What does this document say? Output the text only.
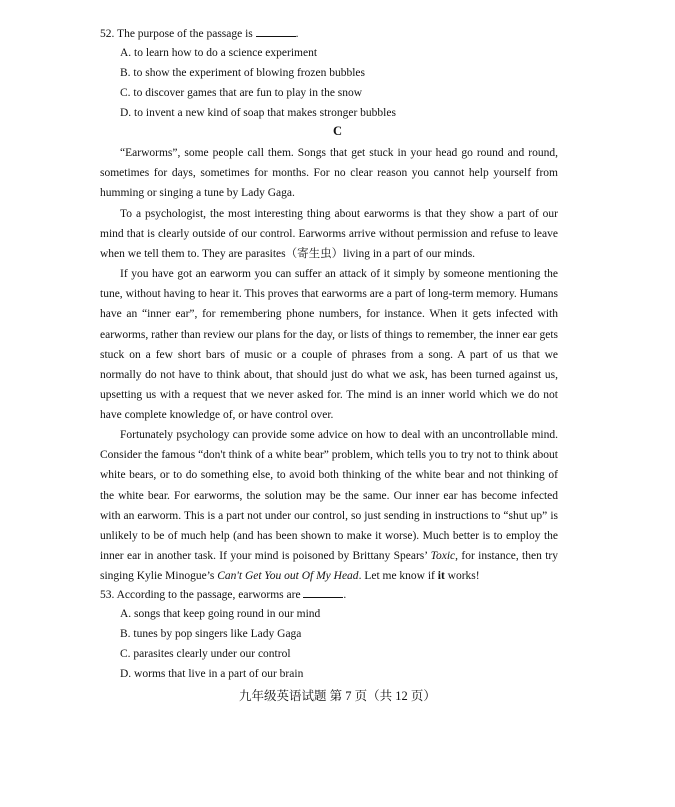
52. The purpose of the passage is	.
A. to learn how to do a science experiment
B. to show the experiment of blowing frozen bubbles
C. to discover games that are fun to play in the snow
D. to invent a new kind of soap that makes stronger bubbles
C
“Earworms”, some people call them. Songs that get stuck in your head go round and round, sometimes for days, sometimes for months. For no clear reason you cannot help yourself from humming or singing a tune by Lady Gaga.
To a psychologist, the most interesting thing about earworms is that they show a part of our mind that is clearly outside of our control. Earworms arrive without permission and refuse to leave when we tell them to. They are parasites（寄生虫）living in a part of our minds.
If you have got an earworm you can suffer an attack of it simply by someone mentioning the tune, without having to hear it. This proves that earworms are a part of long-term memory. Humans have an “inner ear”, for remembering phone numbers, for instance. When it gets infected with earworms, rather than review our plans for the day, or lists of things to remember, the inner ear gets stuck on a few short bars of music or a couple of phrases from a song. A part of us that we normally do not have to think about, that should just do what we ask, has been turned against us, upsetting us with a request that we never asked for. The mind is an inner world which we do not have complete knowledge of, or have control over.
Fortunately psychology can provide some advice on how to deal with an uncontrollable mind. Consider the famous “don't think of a white bear” problem, which tells you to try not to think about white bears, or to do something else, to avoid both thinking of the white bear and not thinking of the white bear. For earworms, the solution may be the same. Our inner ear has become infected with an earworm. This is a part not under our control, so just sending in instructions to “shut up” is unlikely to be of much help (and has been shown to make it worse). Much better is to employ the inner ear in another task. If your mind is poisoned by Brittany Spears’ Toxic, for instance, then try singing Kylie Minogue’s Can't Get You out Of My Head. Let me know if it works!
53. According to the passage, earworms are	.
A. songs that keep going round in our mind
B. tunes by pop singers like Lady Gaga
C. parasites clearly under our control
D. worms that live in a part of our brain
九年级英语试题 第 7 页（共 12 页）
